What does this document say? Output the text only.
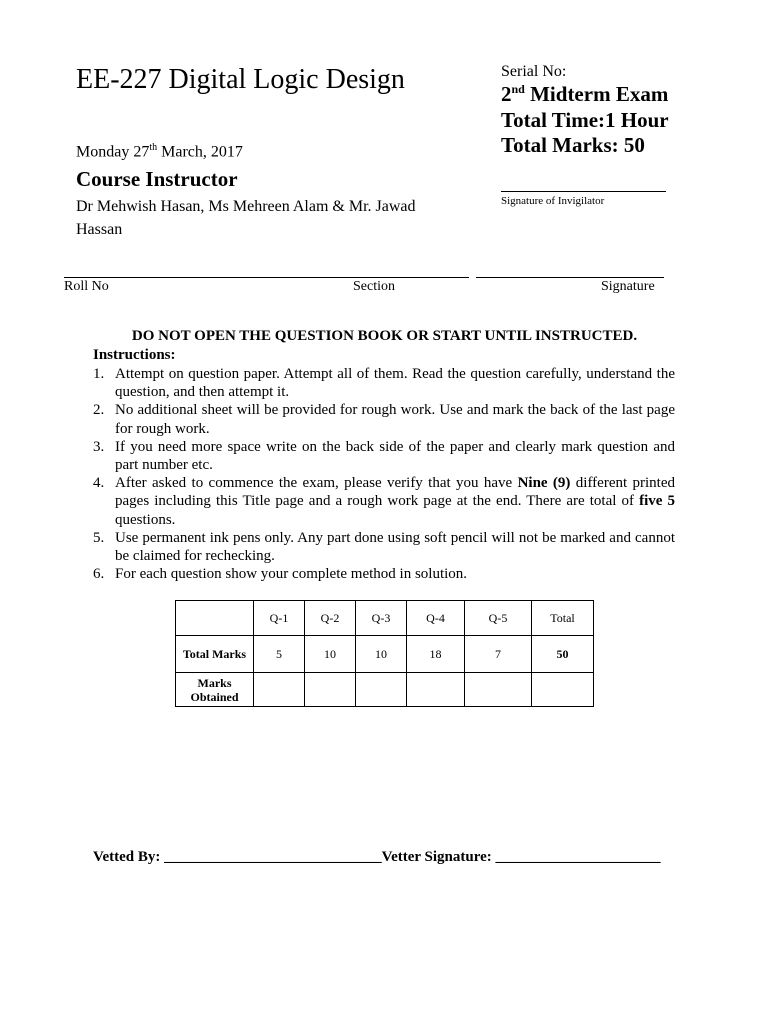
EE-227 Digital Logic Design
Monday 27th March, 2017
Course Instructor
Dr Mehwish Hasan, Ms Mehreen Alam & Mr. Jawad Hassan
Serial No:
2nd Midterm Exam
Total Time:1 Hour
Total Marks: 50
Signature of Invigilator
Roll No	Section	Signature
DO NOT OPEN THE QUESTION BOOK OR START UNTIL INSTRUCTED.
Instructions:
1. Attempt on question paper. Attempt all of them. Read the question carefully, understand the question, and then attempt it.
2. No additional sheet will be provided for rough work. Use and mark the back of the last page for rough work.
3. If you need more space write on the back side of the paper and clearly mark question and part number etc.
4. After asked to commence the exam, please verify that you have Nine (9) different printed pages including this Title page and a rough work page at the end. There are total of five 5 questions.
5. Use permanent ink pens only. Any part done using soft pencil will not be marked and cannot be claimed for rechecking.
6. For each question show your complete method in solution.
	Q-1	Q-2	Q-3	Q-4	Q-5	Total
Total Marks	5	10	10	18	7	50
Marks Obtained						
Vetted By: _____________________________Vetter Signature: ______________________
